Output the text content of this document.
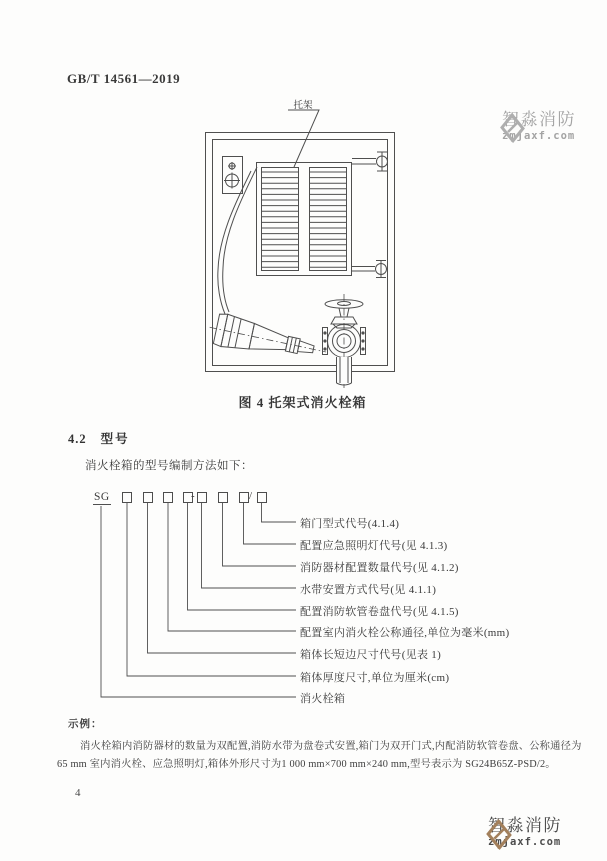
GB/T 14561—2019
托架
图 4 托架式消火栓箱
4.2 型号
消火栓箱的型号编制方法如下：
SG	-	/
箱门型式代号(4.1.4)
配置应急照明灯代号(见 4.1.3)
消防器材配置数量代号(见 4.1.2)
水带安置方式代号(见 4.1.1)
配置消防软管卷盘代号(见 4.1.5)
配置室内消火栓公称通径,单位为毫米(mm)
箱体长短边尺寸代号(见表 1)
箱体厚度尺寸,单位为厘米(cm)
消火栓箱
示例：
消火栓箱内消防器材的数量为双配置,消防水带为盘卷式安置,箱门为双开门式,内配消防软管卷盘、公称通径为
65 mm 室内消火栓、应急照明灯,箱体外形尺寸为1 000 mm×700 mm×240 mm,型号表示为 SG24B65Z-PSD/2。
4
智淼消防
zmjaxf.com
智淼消防
zmjaxf.com
